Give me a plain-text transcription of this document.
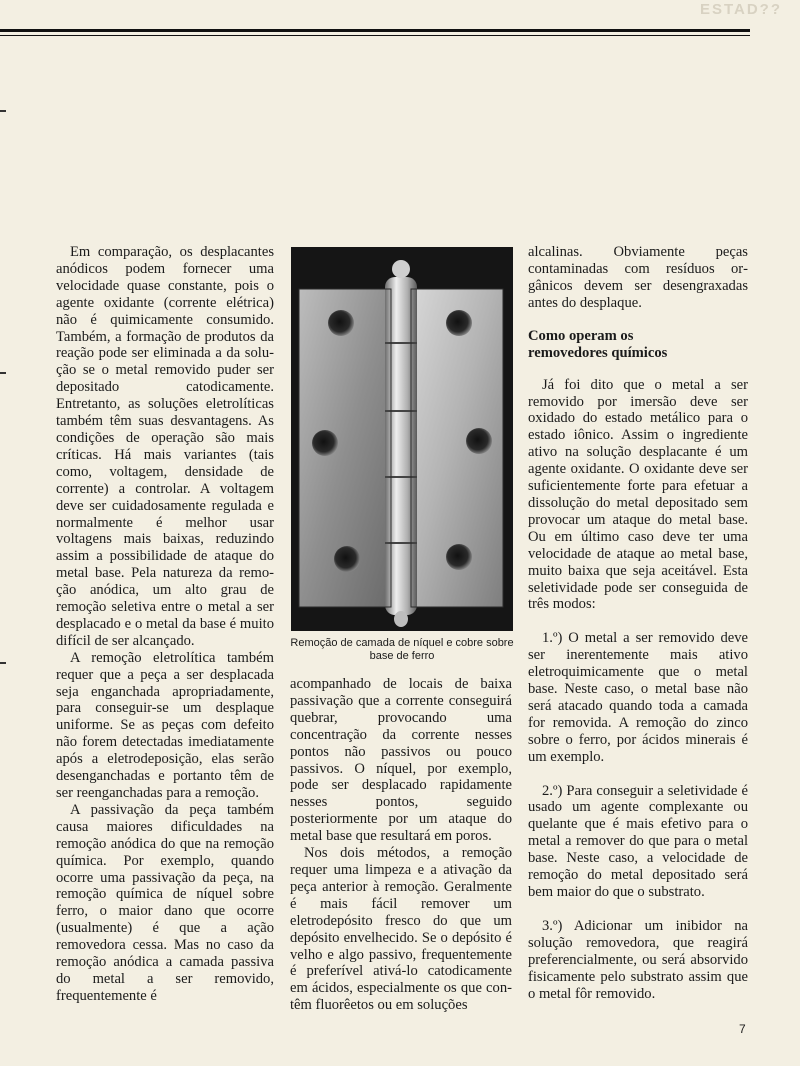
ESTAD??

Em comparação, os desplacantes anódicos podem fornecer uma velocidade quase constante, pois o agente oxidante (corrente elétrica) não é quimicamente consumido. Também, a formação de produtos da reação pode ser eliminada a da solução se o metal removido puder ser depositado catodicamente. Entretanto, as soluções eletrolíticas também têm suas desvantagens. As condições de operação são mais críticas. Há mais variantes (tais como, voltagem, densidade de corrente) a controlar. A voltagem deve ser cuidadosamente regulada e normalmente é melhor usar voltagens mais baixas, reduzindo assim a possibilidade de ataque do metal base. Pela natureza da remoção anódica, um alto grau de remoção seletiva entre o metal a ser desplacado e o metal da base é muito difícil de ser alcançado.

A remoção eletrolítica também requer que a peça a ser desplacada seja enganchada apropriadamente, para conseguir-se um desplaque uniforme. Se as peças com defeito não forem detectadas imediatamente após a eletrodeposição, elas serão desenganchadas e portanto têm de ser reenganchadas para a remoção.

A passivação da peça também causa maiores dificuldades na remoção anódica do que na remoção química. Por exemplo, quando ocorre uma passivação da peça, na remoção química de níquel sobre ferro, o maior dano que ocorre (usualmente) é que a ação removedora cessa. Mas no caso da remoção anódica a camada passiva do metal a ser removido, frequentemente é

Remoção de camada de níquel e cobre sobre base de ferro

acompanhado de locais de baixa passivação que a corrente conseguirá quebrar, provocando uma concentração da corrente nesses pontos não passivos ou pouco passivos. O níquel, por exemplo, pode ser desplacado rapidamente nesses pontos, seguido posteriormente por um ataque do metal base que resultará em poros.

Nos dois métodos, a remoção requer uma limpeza e a ativação da peça anterior à remoção. Geralmente é mais fácil remover um eletrodepósito fresco do que um depósito envelhecido. Se o depósito é velho e algo passivo, frequentemente é preferível ativá-lo catodicamente em ácidos, especialmente os que contêm fluorêetos ou em soluções

alcalinas. Obviamente peças contaminadas com resíduos orgânicos devem ser desengraxadas antes do desplaque.

Como operam os
removedores químicos

Já foi dito que o metal a ser removido por imersão deve ser oxidado do estado metálico para o estado iônico. Assim o ingrediente ativo na solução desplacante é um agente oxidante. O oxidante deve ser suficientemente forte para efetuar a dissolução do metal depositado sem provocar um ataque do metal base. Ou em último caso deve ter uma velocidade de ataque ao metal base, muito baixa que seja aceitável. Esta seletividade pode ser conseguida de três modos:

1.º) O metal a ser removido deve ser inerentemente mais ativo eletroquimicamente que o metal base. Neste caso, o metal base não será atacado quando toda a camada for removida. A remoção do zinco sobre o ferro, por ácidos minerais é um exemplo.

2.º) Para conseguir a seletividade é usado um agente complexante ou quelante que é mais efetivo para o metal a remover do que para o metal base. Neste caso, a velocidade de remoção do metal depositado será bem maior do que o substrato.

3.º) Adicionar um inibidor na solução removedora, que reagirá preferencialmente, ou será absorvido fisicamente pelo substrato assim que o metal fôr removido.

7
